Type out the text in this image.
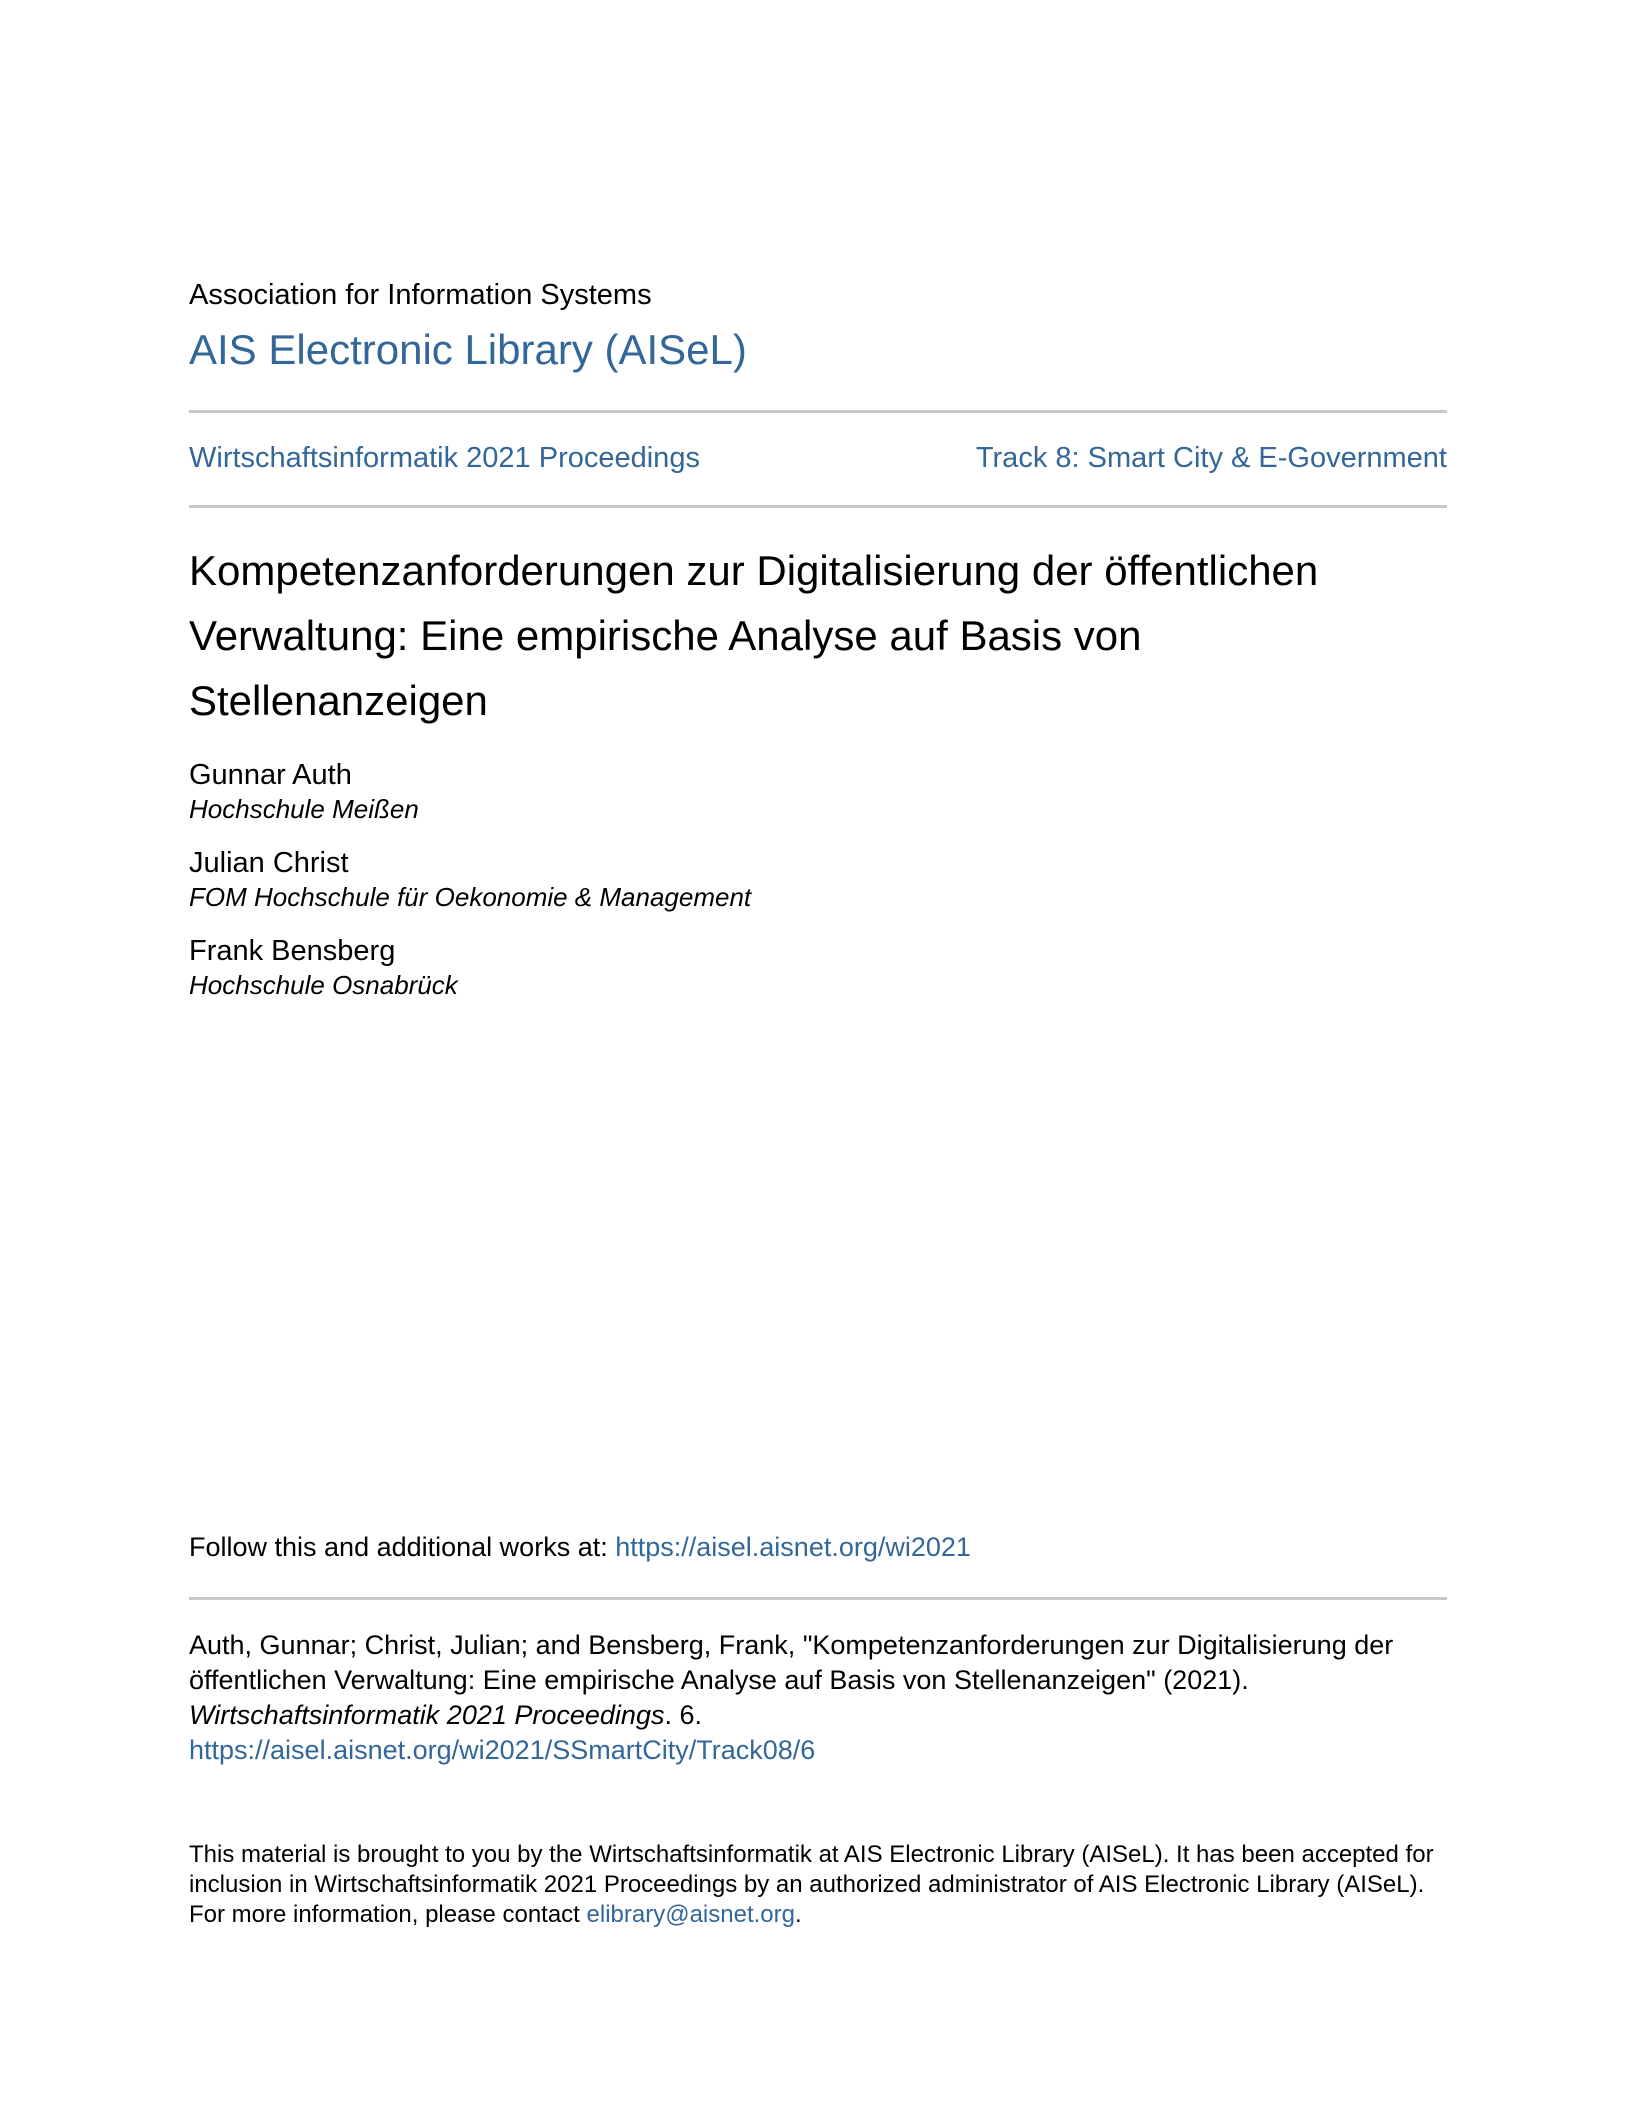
Association for Information Systems
AIS Electronic Library (AISeL)
Wirtschaftsinformatik 2021 Proceedings	Track 8: Smart City & E-Government
Kompetenzanforderungen zur Digitalisierung der öffentlichen Verwaltung: Eine empirische Analyse auf Basis von Stellenanzeigen
Gunnar Auth
Hochschule Meißen
Julian Christ
FOM Hochschule für Oekonomie & Management
Frank Bensberg
Hochschule Osnabrück
Follow this and additional works at: https://aisel.aisnet.org/wi2021
Auth, Gunnar; Christ, Julian; and Bensberg, Frank, "Kompetenzanforderungen zur Digitalisierung der öffentlichen Verwaltung: Eine empirische Analyse auf Basis von Stellenanzeigen" (2021).
Wirtschaftsinformatik 2021 Proceedings. 6.
https://aisel.aisnet.org/wi2021/SSmartCity/Track08/6
This material is brought to you by the Wirtschaftsinformatik at AIS Electronic Library (AISeL). It has been accepted for inclusion in Wirtschaftsinformatik 2021 Proceedings by an authorized administrator of AIS Electronic Library (AISeL). For more information, please contact elibrary@aisnet.org.
